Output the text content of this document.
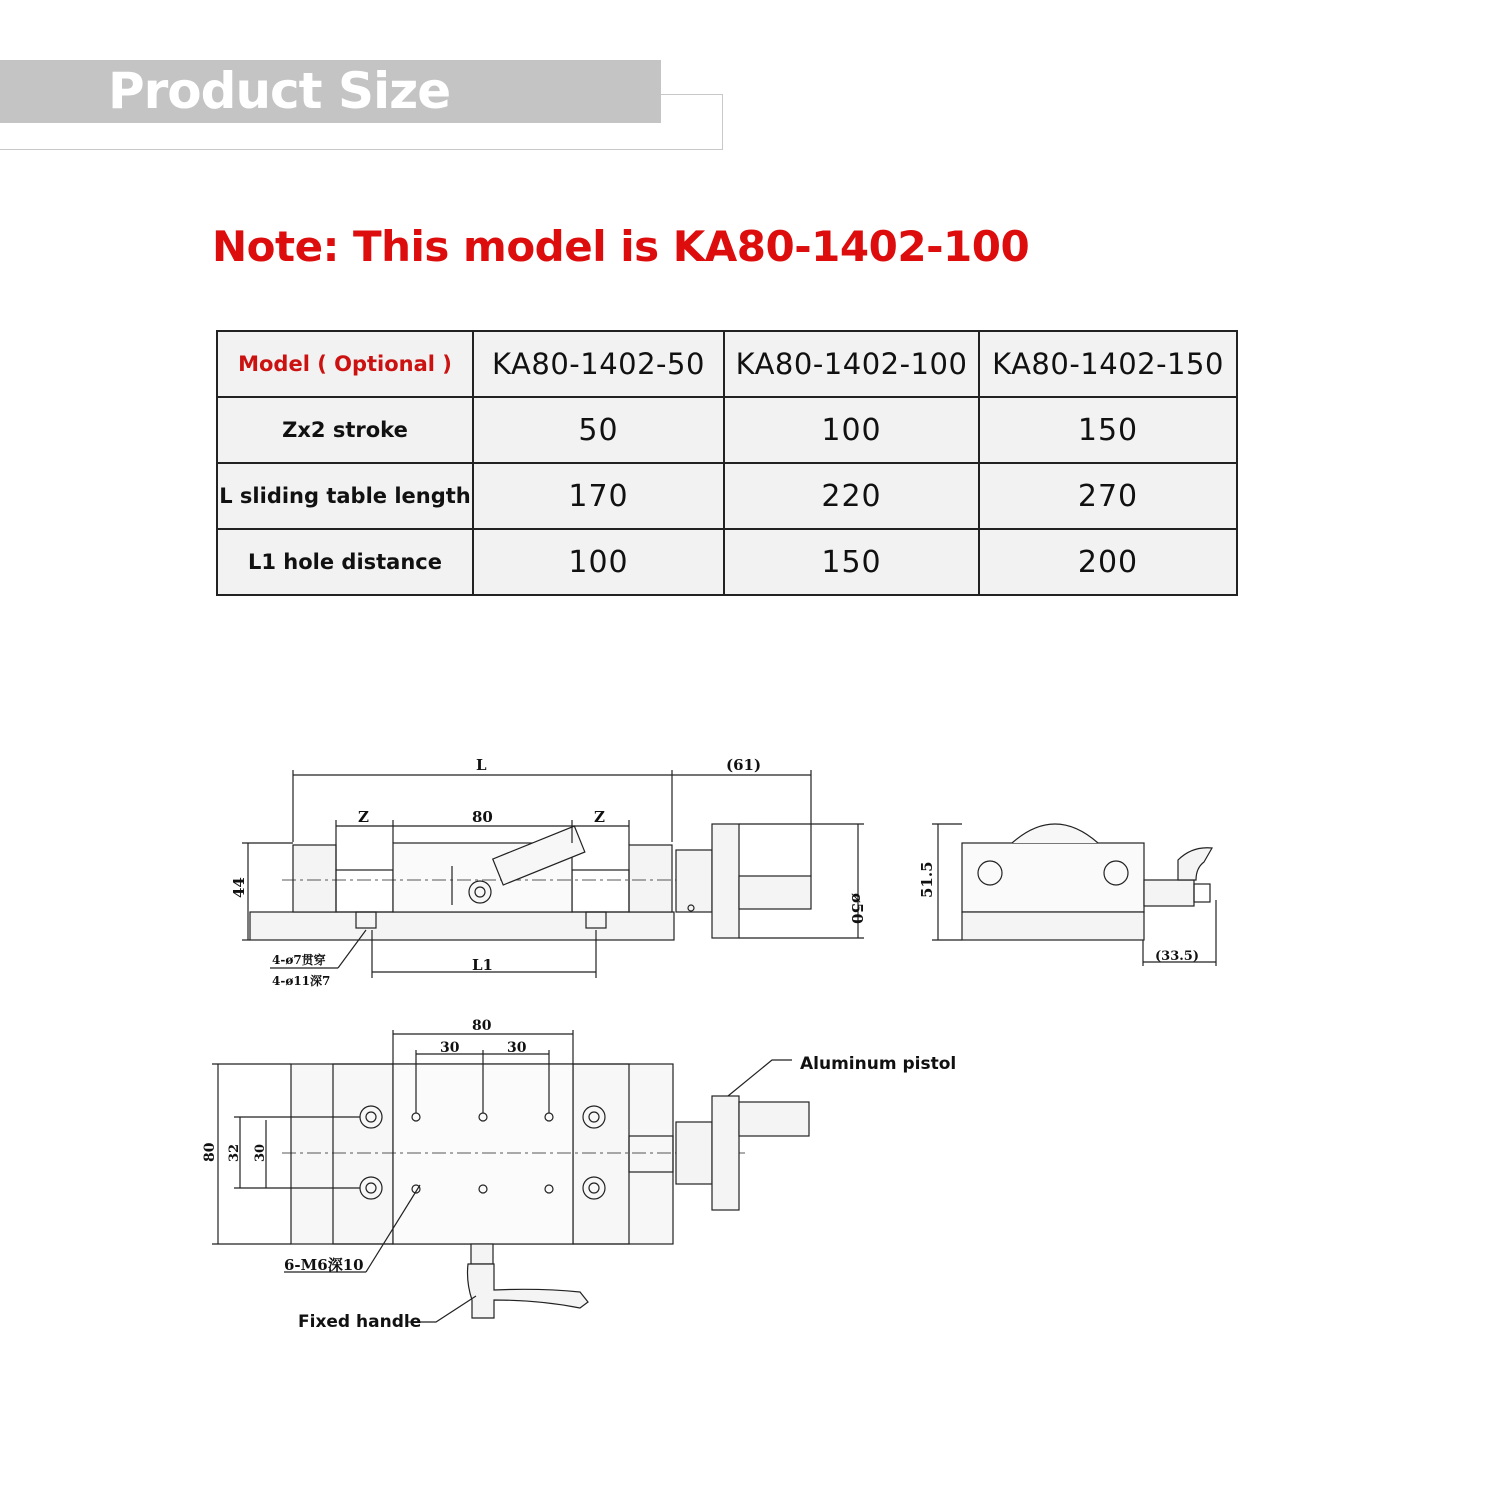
Product Size
Note: This model is KA80-1402-100
Model ( Optional )	KA80-1402-50	KA80-1402-100	KA80-1402-150
Zx2 stroke	50	100	150
L sliding table length	170	220	270
L1 hole distance	100	150	200
L	(61)
Z	80	Z
44
ø50
51.5
(33.5)
L1
4-ø7贯穿
4-ø11深7
80
30	30
80 32 30
6-M6深10
Aluminum pistol
Fixed handle
